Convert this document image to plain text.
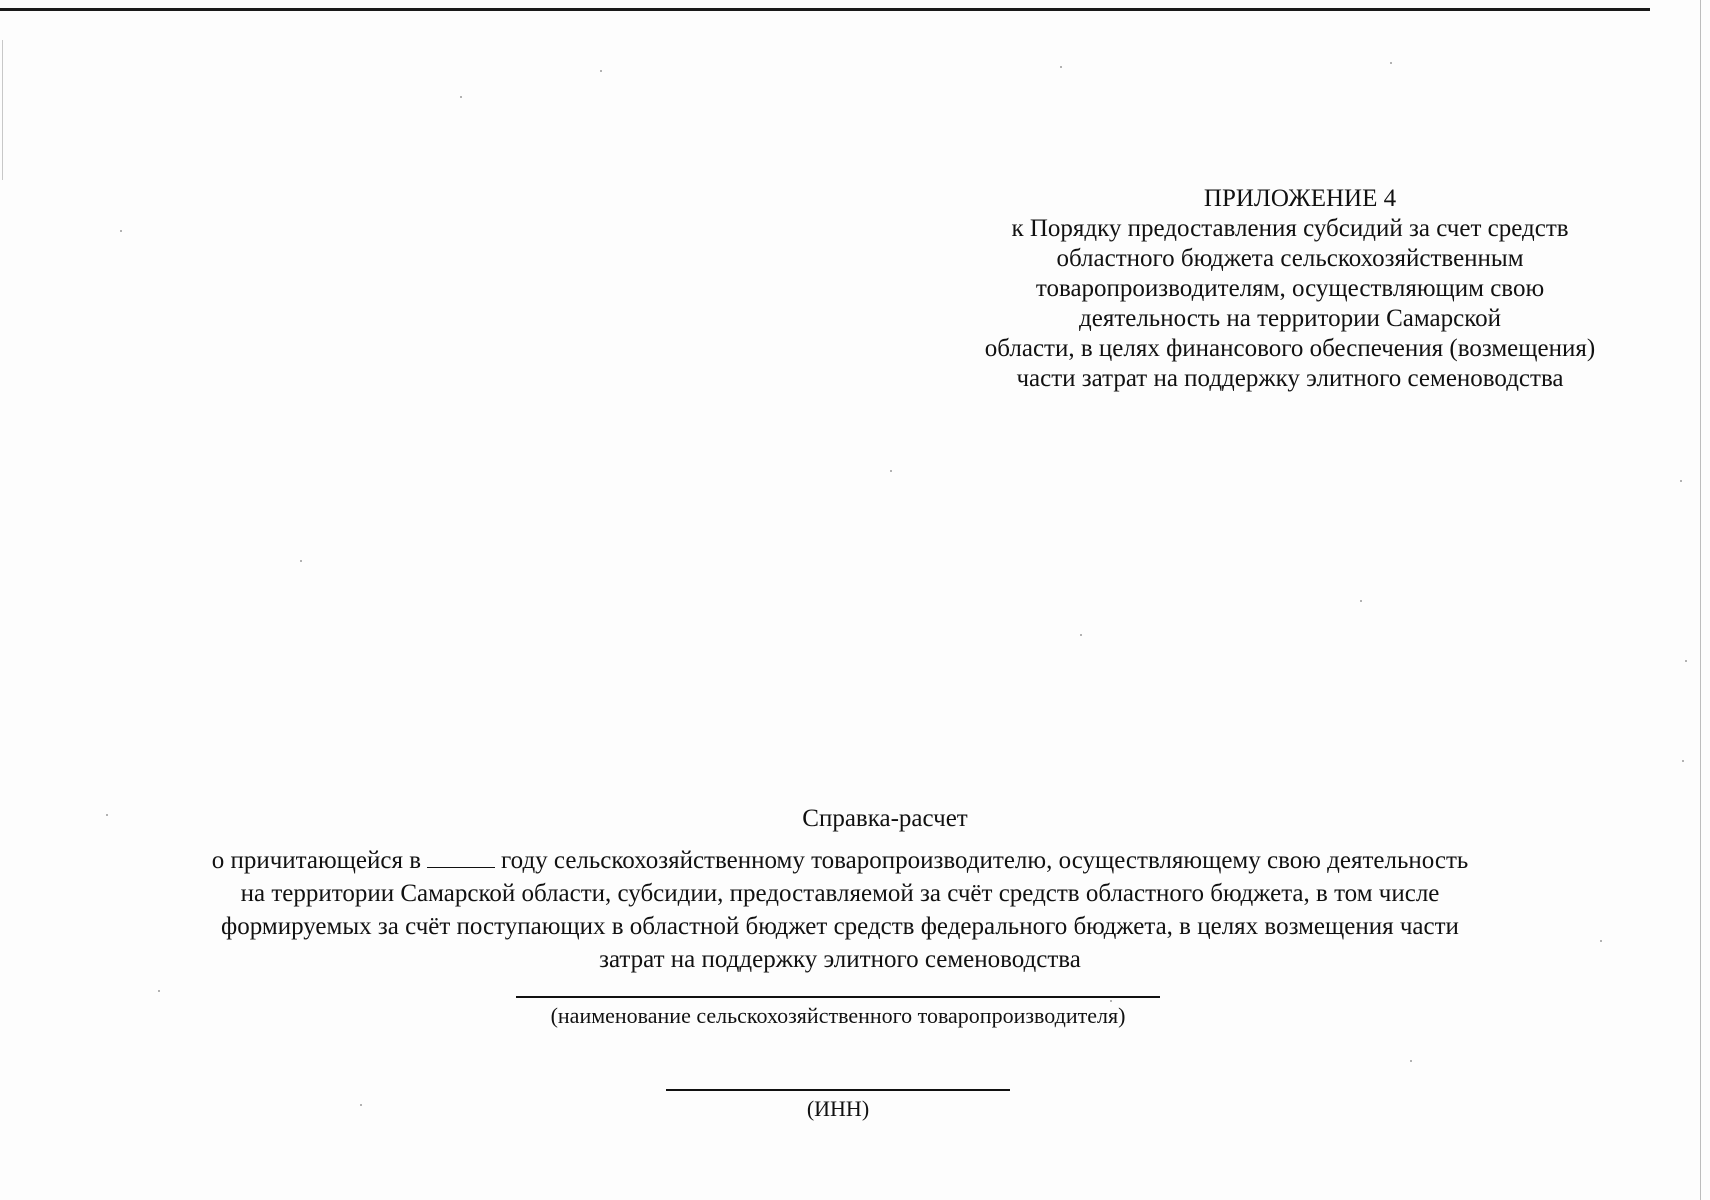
ПРИЛОЖЕНИЕ 4
к Порядку предоставления субсидий за счет средств
областного бюджета сельскохозяйственным
товаропроизводителям, осуществляющим свою
деятельность на территории Самарской
области, в целях финансового обеспечения (возмещения)
части затрат на поддержку элитного семеноводства
Справка-расчет
о причитающейся в	году сельскохозяйственному товаропроизводителю, осуществляющему свою деятельность
на территории Самарской области, субсидии, предоставляемой за счёт средств областного бюджета, в том числе
формируемых за счёт поступающих в областной бюджет средств федерального бюджета, в целях возмещения части
затрат на поддержку элитного семеноводства
(наименование сельскохозяйственного товаропроизводителя)
(ИНН)
